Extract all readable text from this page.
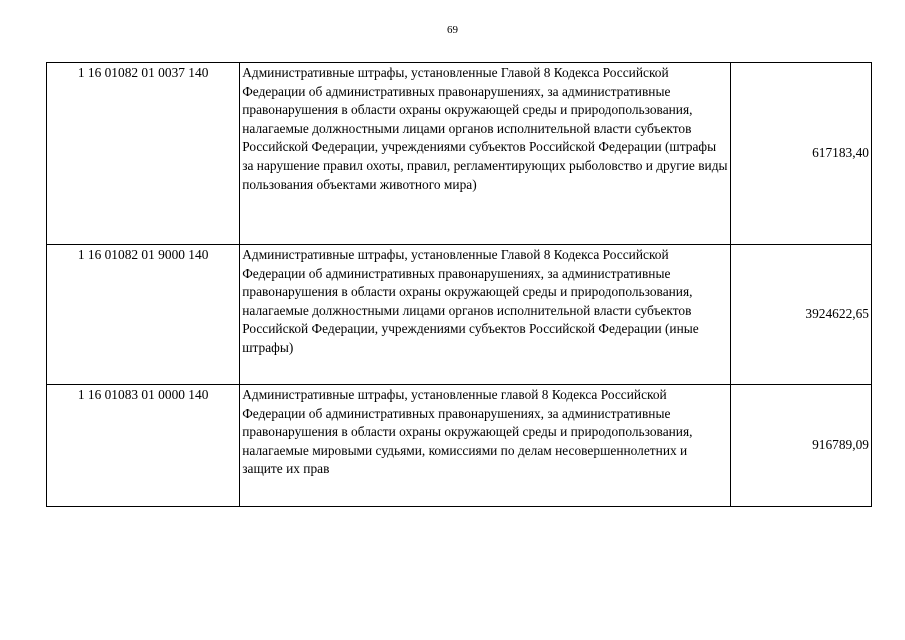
69
1 16 01082 01 0037 140	Административные штрафы, установленные Главой 8 Кодекса Российской Федерации об административных правонарушениях, за административные правонарушения в области охраны окружающей среды и природопользования, налагаемые должностными лицами органов исполнительной власти субъектов Российской Федерации, учреждениями субъектов Российской Федерации (штрафы за нарушение правил охоты, правил, регламентирующих рыболовство и другие виды пользования объектами животного мира)	617183,40
1 16 01082 01 9000 140	Административные штрафы, установленные Главой 8 Кодекса Российской Федерации об административных правонарушениях, за административные правонарушения в области охраны окружающей среды и природопользования, налагаемые должностными лицами органов исполнительной власти субъектов Российской Федерации, учреждениями субъектов Российской Федерации (иные штрафы)	3924622,65
1 16 01083 01 0000 140	Административные штрафы, установленные главой 8 Кодекса Российской Федерации об административных правонарушениях, за административные правонарушения в области охраны окружающей среды и природопользования, налагаемые мировыми судьями, комиссиями по делам несовершеннолетних и защите их прав	916789,09
